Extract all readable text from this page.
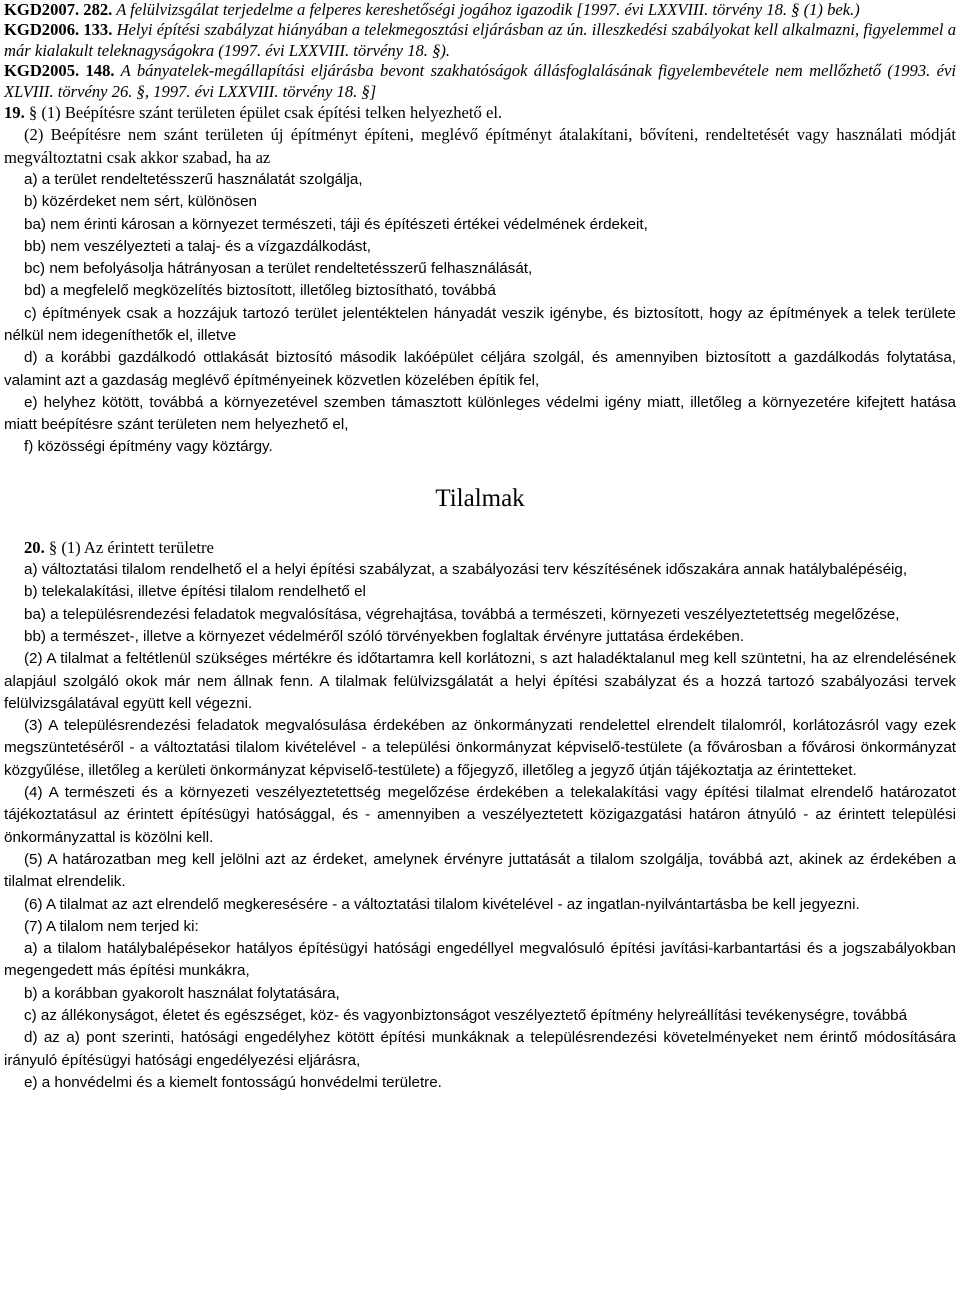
KGD2007. 282. A felülvizsgálat terjedelme a felperes kereshetőségi jogához igazodik [1997. évi LXXVIII. törvény 18. § (1) bek.)

KGD2006. 133. Helyi építési szabályzat hiányában a telekmegosztási eljárásban az ún. illeszkedési szabályokat kell alkalmazni, figyelemmel a már kialakult teleknagyságokra (1997. évi LXXVIII. törvény 18. §).

KGD2005. 148. A bányatelek-megállapítási eljárásba bevont szakhatóságok állásfoglalásának figyelembevétele nem mellőzhető (1993. évi XLVIII. törvény 26. §, 1997. évi LXXVIII. törvény 18. §]

19. § (1) Beépítésre szánt területen épület csak építési telken helyezhető el.

(2) Beépítésre nem szánt területen új építményt építeni, meglévő építményt átalakítani, bővíteni, rendeltetését vagy használati módját megváltoztatni csak akkor szabad, ha az

a) a terület rendeltetésszerű használatát szolgálja,

b) közérdeket nem sért, különösen

ba) nem érinti károsan a környezet természeti, táji és építészeti értékei védelmének érdekeit,

bb) nem veszélyezteti a talaj- és a vízgazdálkodást,

bc) nem befolyásolja hátrányosan a terület rendeltetésszerű felhasználását,

bd) a megfelelő megközelítés biztosított, illetőleg biztosítható, továbbá

c) építmények csak a hozzájuk tartozó terület jelentéktelen hányadát veszik igénybe, és biztosított, hogy az építmények a telek területe nélkül nem idegeníthetők el, illetve

d) a korábbi gazdálkodó ottlakását biztosító második lakóépület céljára szolgál, és amennyiben biztosított a gazdálkodás folytatása, valamint azt a gazdaság meglévő építményeinek közvetlen közelében építik fel,

e) helyhez kötött, továbbá a környezetével szemben támasztott különleges védelmi igény miatt, illetőleg a környezetére kifejtett hatása miatt beépítésre szánt területen nem helyezhető el,

f) közösségi építmény vagy köztárgy.

Tilalmak

20. § (1) Az érintett területre

a) változtatási tilalom rendelhető el a helyi építési szabályzat, a szabályozási terv készítésének időszakára annak hatálybalépéséig,

b) telekalakítási, illetve építési tilalom rendelhető el

ba) a településrendezési feladatok megvalósítása, végrehajtása, továbbá a természeti, környezeti veszélyeztetettség megelőzése,

bb) a természet-, illetve a környezet védelméről szóló törvényekben foglaltak érvényre juttatása érdekében.

(2) A tilalmat a feltétlenül szükséges mértékre és időtartamra kell korlátozni, s azt haladéktalanul meg kell szüntetni, ha az elrendelésének alapjául szolgáló okok már nem állnak fenn. A tilalmak felülvizsgálatát a helyi építési szabályzat és a hozzá tartozó szabályozási tervek felülvizsgálatával együtt kell végezni.

(3) A településrendezési feladatok megvalósulása érdekében az önkormányzati rendelettel elrendelt tilalomról, korlátozásról vagy ezek megszüntetéséről - a változtatási tilalom kivételével - a települési önkormányzat képviselő-testülete (a fővárosban a fővárosi önkormányzat közgyűlése, illetőleg a kerületi önkormányzat képviselő-testülete) a főjegyző, illetőleg a jegyző útján tájékoztatja az érintetteket.

(4) A természeti és a környezeti veszélyeztetettség megelőzése érdekében a telekalakítási vagy építési tilalmat elrendelő határozatot tájékoztatásul az érintett építésügyi hatósággal, és - amennyiben a veszélyeztetett közigazgatási határon átnyúló - az érintett települési önkormányzattal is közölni kell.

(5) A határozatban meg kell jelölni azt az érdeket, amelynek érvényre juttatását a tilalom szolgálja, továbbá azt, akinek az érdekében a tilalmat elrendelik.

(6) A tilalmat az azt elrendelő megkeresésére - a változtatási tilalom kivételével - az ingatlan-nyilvántartásba be kell jegyezni.

(7) A tilalom nem terjed ki:

a) a tilalom hatálybalépésekor hatályos építésügyi hatósági engedéllyel megvalósuló építési javítási-karbantartási és a jogszabályokban megengedett más építési munkákra,

b) a korábban gyakorolt használat folytatására,

c) az állékonyságot, életet és egészséget, köz- és vagyonbiztonságot veszélyeztető építmény helyreállítási tevékenységre, továbbá

d) az a) pont szerinti, hatósági engedélyhez kötött építési munkáknak a településrendezési követelményeket nem érintő módosítására irányuló építésügyi hatósági engedélyezési eljárásra,

e) a honvédelmi és a kiemelt fontosságú honvédelmi területre.
